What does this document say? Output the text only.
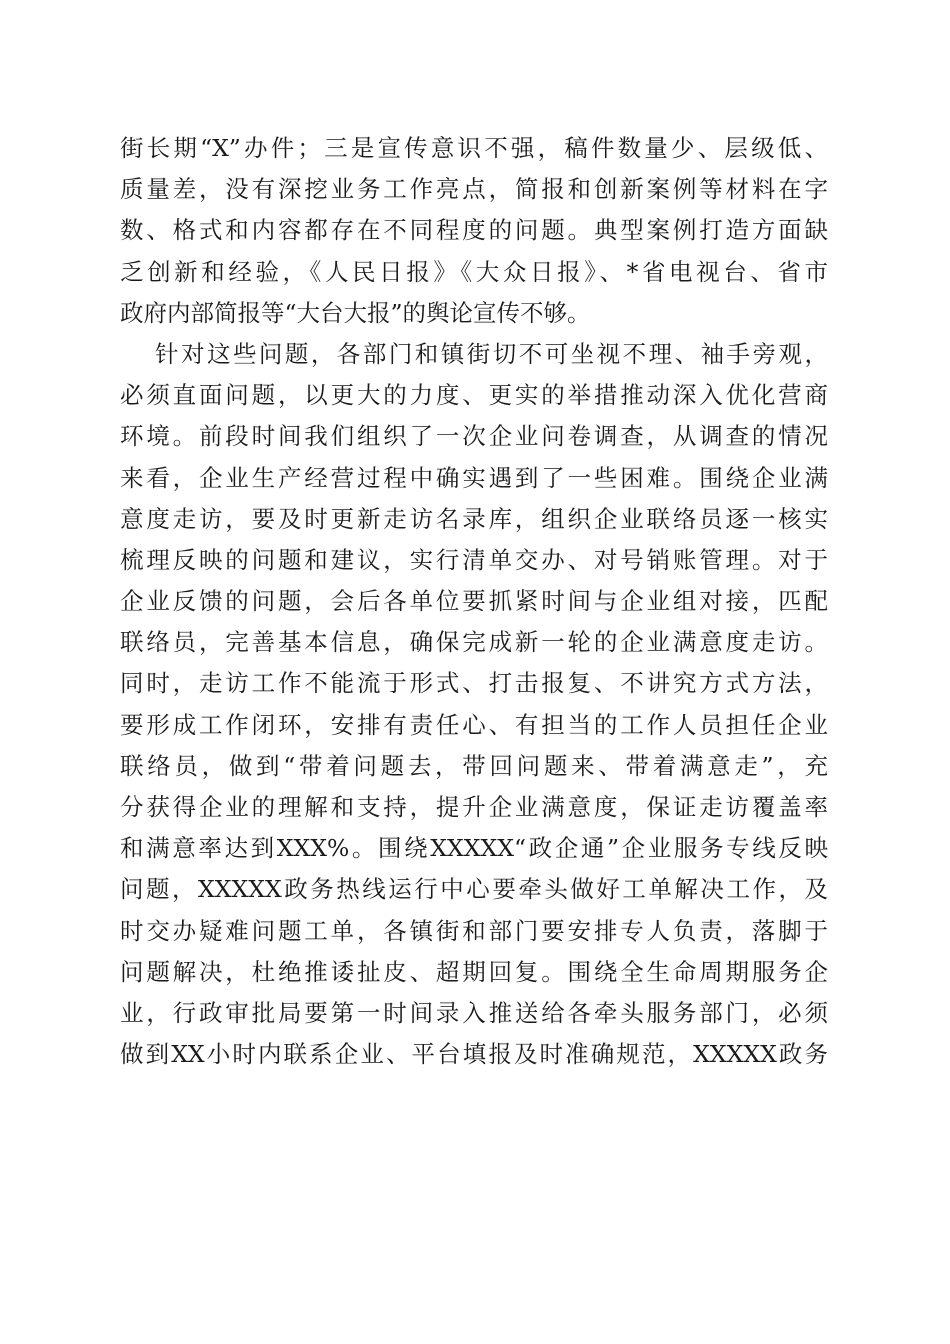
街长期“X”办件；三是宣传意识不强，稿件数量少、层级低、
质量差，没有深挖业务工作亮点，简报和创新案例等材料在字
数、格式和内容都存在不同程度的问题。典型案例打造方面缺
乏创新和经验，《人民日报》《大众日报》、*省电视台、省市
政府内部简报等“大台大报”的舆论宣传不够。
针对这些问题，各部门和镇街切不可坐视不理、袖手旁观，
必须直面问题，以更大的力度、更实的举措推动深入优化营商
环境。前段时间我们组织了一次企业问卷调查，从调查的情况
来看，企业生产经营过程中确实遇到了一些困难。围绕企业满
意度走访，要及时更新走访名录库，组织企业联络员逐一核实
梳理反映的问题和建议，实行清单交办、对号销账管理。对于
企业反馈的问题，会后各单位要抓紧时间与企业组对接，匹配
联络员，完善基本信息，确保完成新一轮的企业满意度走访。
同时，走访工作不能流于形式、打击报复、不讲究方式方法，
要形成工作闭环，安排有责任心、有担当的工作人员担任企业
联络员，做到“带着问题去，带回问题来、带着满意走”，充
分获得企业的理解和支持，提升企业满意度，保证走访覆盖率
和满意率达到XXX%。围绕XXXXX“政企通”企业服务专线反映
问题，XXXXX政务热线运行中心要牵头做好工单解决工作，及
时交办疑难问题工单，各镇街和部门要安排专人负责，落脚于
问题解决，杜绝推诿扯皮、超期回复。围绕全生命周期服务企
业，行政审批局要第一时间录入推送给各牵头服务部门，必须
做到XX小时内联系企业、平台填报及时准确规范，XXXXX政务
